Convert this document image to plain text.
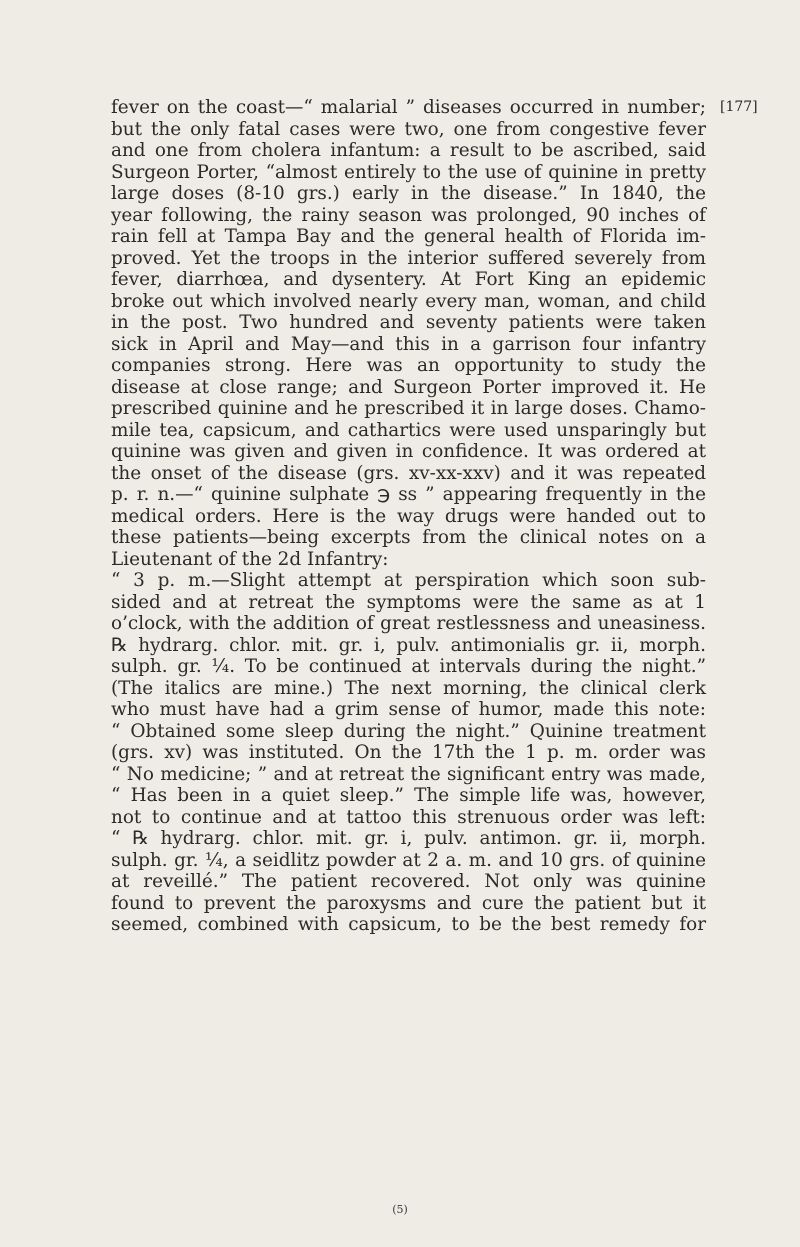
[177]
fever on the coast—“ malarial ” diseases occurred in number;
but the only fatal cases were two, one from congestive fever
and one from cholera infantum: a result to be ascribed, said
Surgeon Porter, “almost entirely to the use of quinine in pretty
large doses (8-10 grs.) early in the disease.” In 1840, the
year following, the rainy season was prolonged, 90 inches of
rain fell at Tampa Bay and the general health of Florida im-
proved. Yet the troops in the interior suffered severely from
fever, diarrhœa, and dysentery. At Fort King an epidemic
broke out which involved nearly every man, woman, and child
in the post. Two hundred and seventy patients were taken
sick in April and May—and this in a garrison four infantry
companies strong. Here was an opportunity to study the
disease at close range; and Surgeon Porter improved it. He
prescribed quinine and he prescribed it in large doses. Chamo-
mile tea, capsicum, and cathartics were used unsparingly but
quinine was given and given in confidence. It was ordered at
the onset of the disease (grs. xv-xx-xxv) and it was repeated
p. r. n.—“ quinine sulphate ℈ ss ” appearing frequently in the
medical orders. Here is the way drugs were handed out to
these patients—being excerpts from the clinical notes on a
Lieutenant of the 2d Infantry:
“ 3 p. m.—Slight attempt at perspiration which soon sub-
sided and at retreat the symptoms were the same as at 1
o’clock, with the addition of great restlessness and uneasiness.
℞ hydrarg. chlor. mit. gr. i, pulv. antimonialis gr. ii, morph.
sulph. gr. ¼. To be continued at intervals during the night.”
(The italics are mine.) The next morning, the clinical clerk
who must have had a grim sense of humor, made this note:
“ Obtained some sleep during the night.” Quinine treatment
(grs. xv) was instituted. On the 17th the 1 p. m. order was
“ No medicine; ” and at retreat the significant entry was made,
“ Has been in a quiet sleep.” The simple life was, however,
not to continue and at tattoo this strenuous order was left:
“ ℞ hydrarg. chlor. mit. gr. i, pulv. antimon. gr. ii, morph.
sulph. gr. ¼, a seidlitz powder at 2 a. m. and 10 grs. of quinine
at reveillé.” The patient recovered. Not only was quinine
found to prevent the paroxysms and cure the patient but it
seemed, combined with capsicum, to be the best remedy for
(5)
